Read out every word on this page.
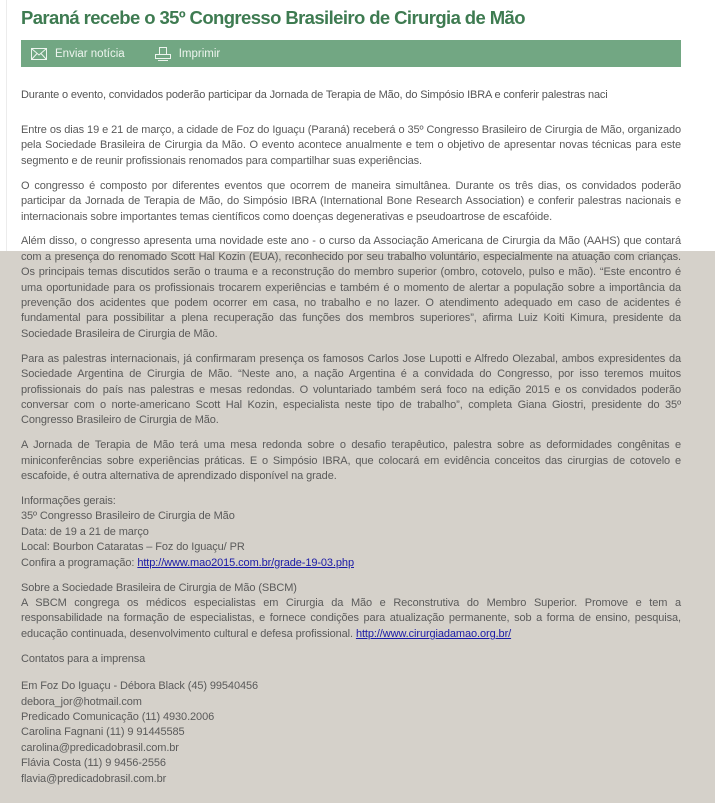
Paraná recebe o 35º Congresso Brasileiro de Cirurgia de Mão
Enviar notícia	Imprimir
Durante o evento, convidados poderão participar da Jornada de Terapia de Mão, do Simpósio IBRA e conferir palestras naci

Entre os dias 19 e 21 de março, a cidade de Foz do Iguaçu (Paraná) receberá o 35º Congresso Brasileiro de Cirurgia de Mão, organizado pela Sociedade Brasileira de Cirurgia da Mão. O evento acontece anualmente e tem o objetivo de apresentar novas técnicas para este segmento e de reunir profissionais renomados para compartilhar suas experiências.

O congresso é composto por diferentes eventos que ocorrem de maneira simultânea. Durante os três dias, os convidados poderão participar da Jornada de Terapia de Mão, do Simpósio IBRA (International Bone Research Association) e conferir palestras nacionais e internacionais sobre importantes temas científicos como doenças degenerativas e pseudoartrose de escafóide.

Além disso, o congresso apresenta uma novidade este ano - o curso da Associação Americana de Cirurgia da Mão (AAHS) que contará com a presença do renomado Scott Hal Kozin (EUA), reconhecido por seu trabalho voluntário, especialmente na atuação com crianças. Os principais temas discutidos serão o trauma e a reconstrução do membro superior (ombro, cotovelo, pulso e mão). “Este encontro é uma oportunidade para os profissionais trocarem experiências e também é o momento de alertar a população sobre a importância da prevenção dos acidentes que podem ocorrer em casa, no trabalho e no lazer. O atendimento adequado em caso de acidentes é fundamental para possibilitar a plena recuperação das funções dos membros superiores”, afirma Luiz Koiti Kimura, presidente da Sociedade Brasileira de Cirurgia de Mão.

Para as palestras internacionais, já confirmaram presença os famosos Carlos Jose Lupotti e Alfredo Olezabal, ambos expresidentes da Sociedade Argentina de Cirurgia de Mão. “Neste ano, a nação Argentina é a convidada do Congresso, por isso teremos muitos profissionais do país nas palestras e mesas redondas. O voluntariado também será foco na edição 2015 e os convidados poderão conversar com o norte-americano Scott Hal Kozin, especialista neste tipo de trabalho”, completa Giana Giostri, presidente do 35º Congresso Brasileiro de Cirurgia de Mão.

A Jornada de Terapia de Mão terá uma mesa redonda sobre o desafio terapêutico, palestra sobre as deformidades congênitas e miniconferências sobre experiências práticas. E o Simpósio IBRA, que colocará em evidência conceitos das cirurgias de cotovelo e escafoide, é outra alternativa de aprendizado disponível na grade.

Informações gerais:
35º Congresso Brasileiro de Cirurgia de Mão
Data: de 19 a 21 de março
Local: Bourbon Cataratas – Foz do Iguaçu/ PR
Confira a programação: http://www.mao2015.com.br/grade-19-03.php

Sobre a Sociedade Brasileira de Cirurgia de Mão (SBCM)
A SBCM congrega os médicos especialistas em Cirurgia da Mão e Reconstrutiva do Membro Superior. Promove e tem a responsabilidade na formação de especialistas, e fornece condições para atualização permanente, sob a forma de ensino, pesquisa, educação continuada, desenvolvimento cultural e defesa profissional. http://www.cirurgiadamao.org.br/

Contatos para a imprensa

Em Foz Do Iguaçu - Débora Black (45) 99540456
debora_jor@hotmail.com
Predicado Comunicação (11) 4930.2006
Carolina Fagnani (11) 9 91445585
carolina@predicadobrasil.com.br
Flávia Costa (11) 9 9456-2556
flavia@predicadobrasil.com.br
